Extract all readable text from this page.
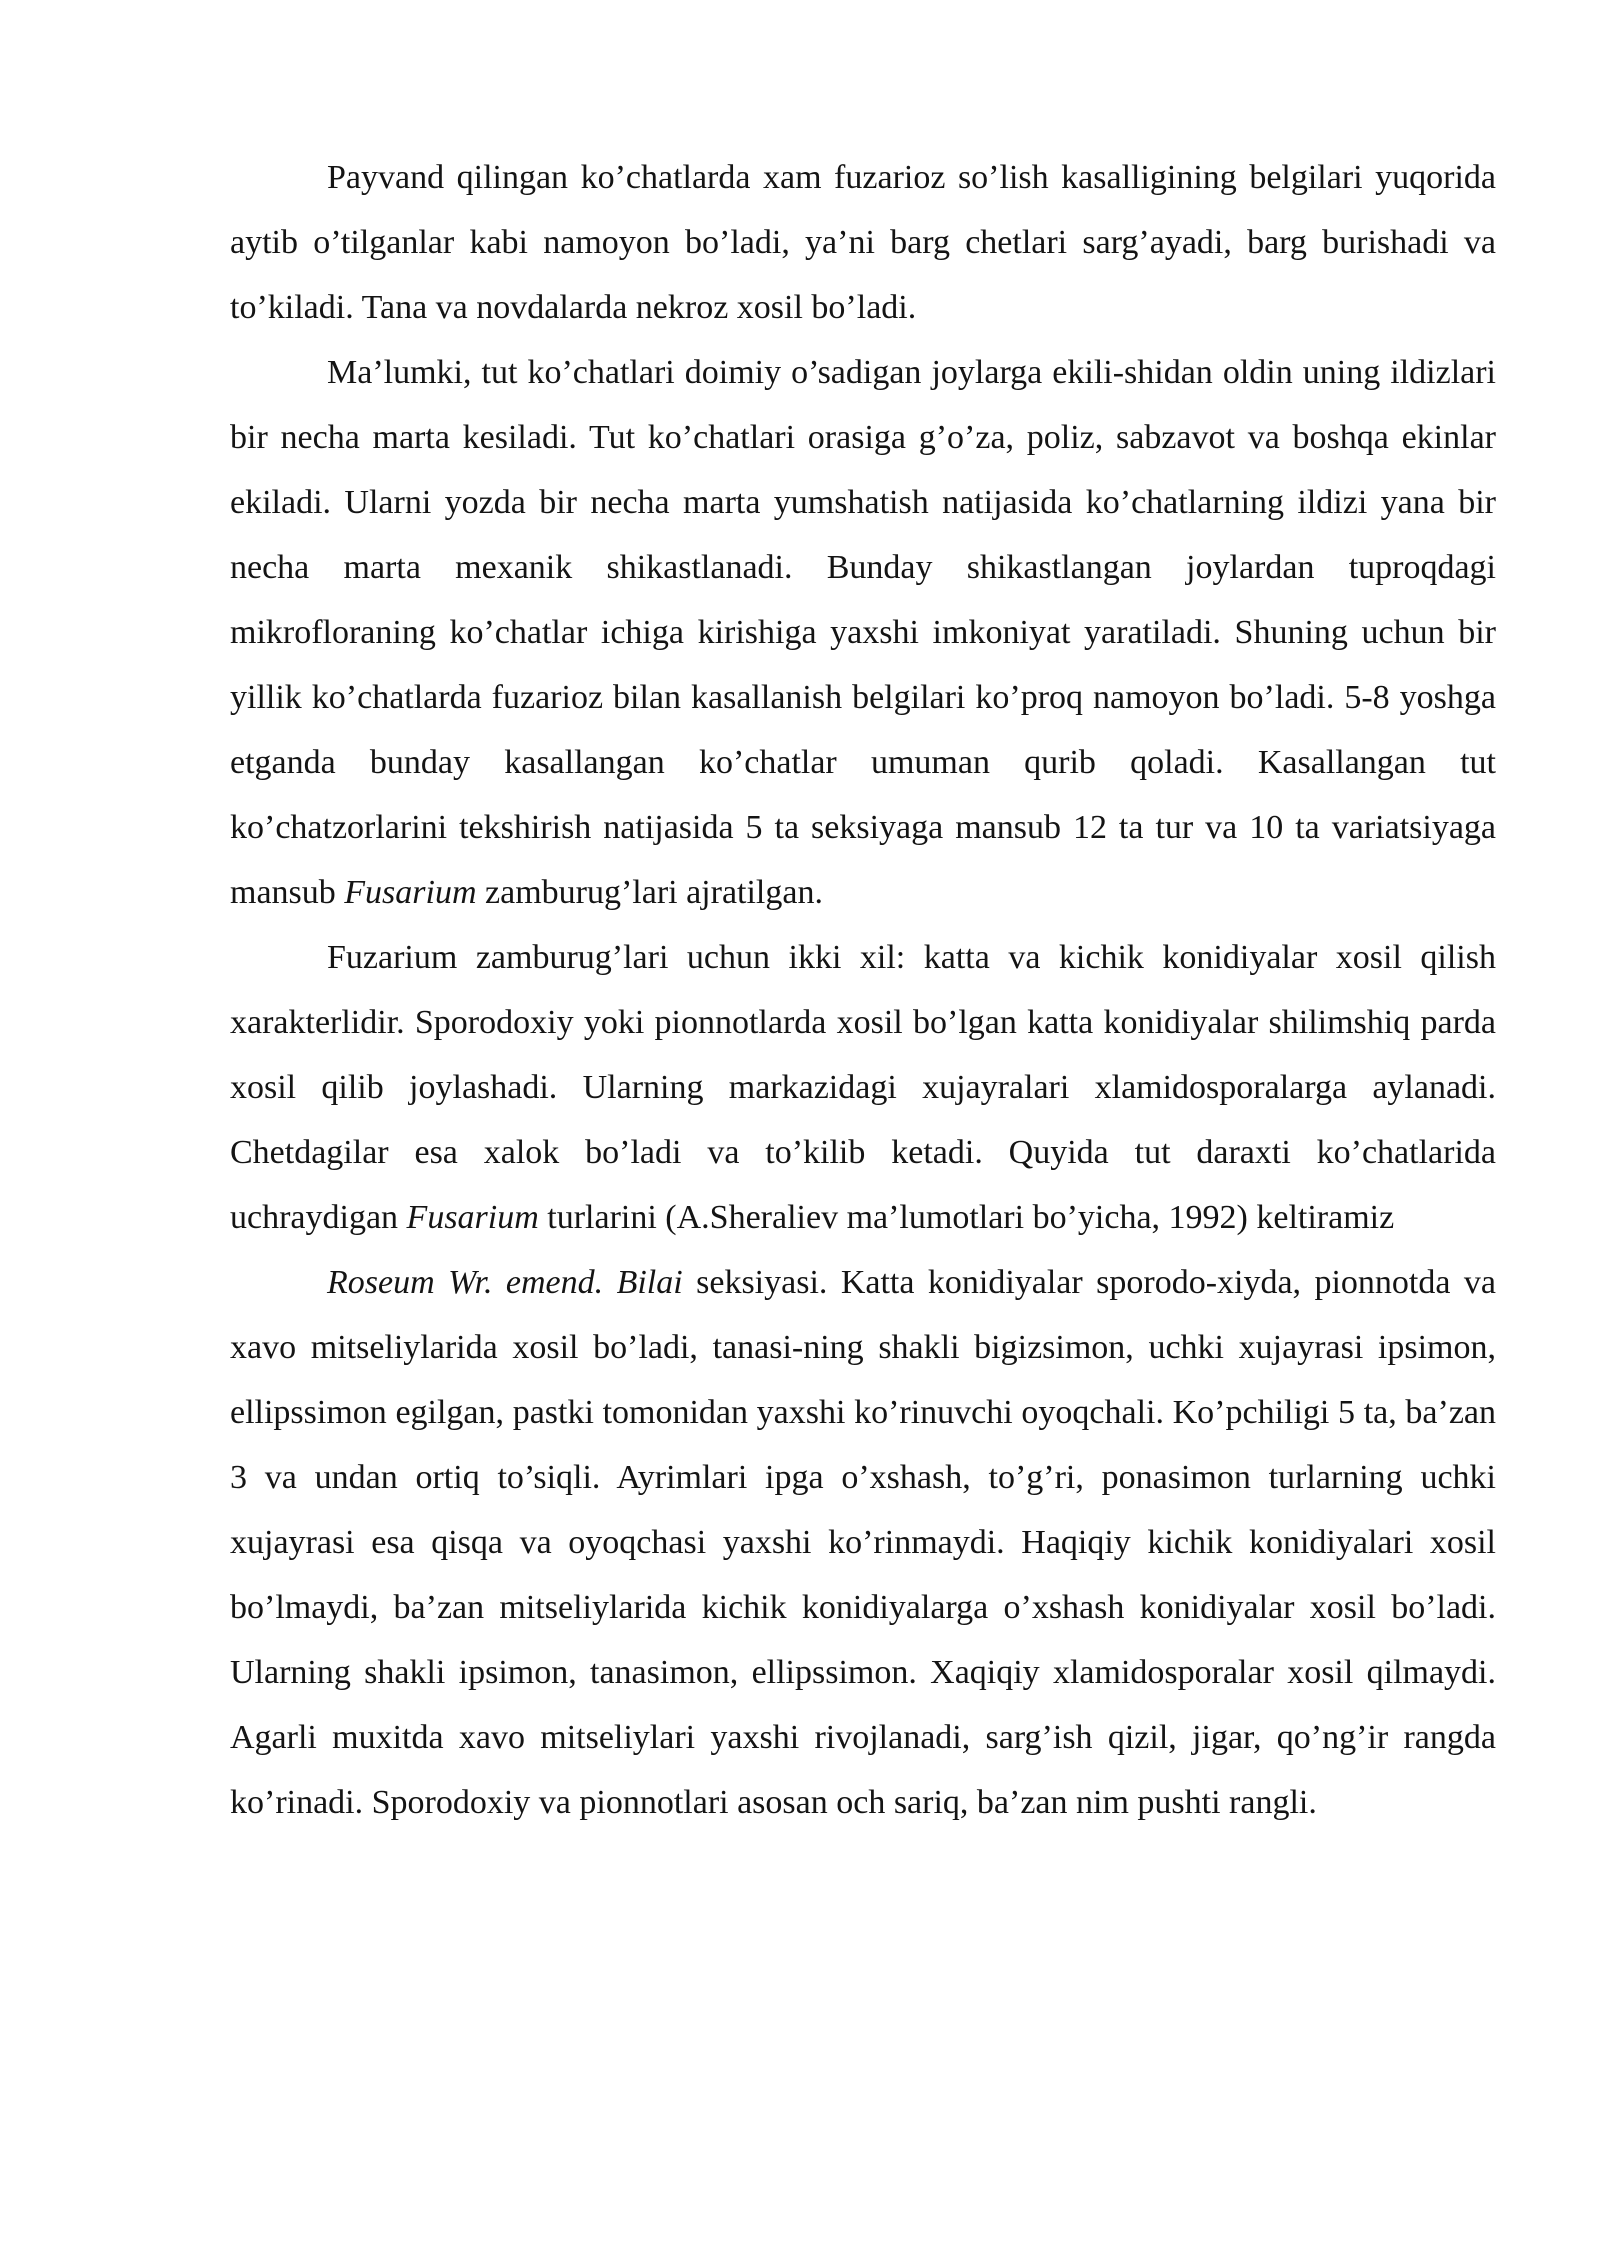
Payvand qilingan ko’chatlarda xam fuzarioz so’lish kasalligining belgilari yuqorida aytib o’tilganlar kabi namoyon bo’ladi, ya’ni barg chetlari sarg’ayadi, barg burishadi va to’kiladi. Tana va novdalarda nekroz xosil bo’ladi.

Ma’lumki, tut ko’chatlari doimiy o’sadigan joylarga ekili-shidan oldin uning ildizlari bir necha marta kesiladi. Tut ko’chatlari orasiga g’o’za, poliz, sabzavot va boshqa ekinlar ekiladi. Ularni yozda bir necha marta yumshatish natijasida ko’chatlarning ildizi yana bir necha marta mexanik shikastlanadi. Bunday shikastlangan joylardan tuproqdagi mikrofloraning ko’chatlar ichiga kirishiga yaxshi imkoniyat yaratiladi. Shuning uchun bir yillik ko’chatlarda fuzarioz bilan kasallanish belgilari ko’proq namoyon bo’ladi. 5-8 yoshga etganda bunday kasallangan ko’chatlar umuman qurib qoladi. Kasallangan tut ko’chatzorlarini tekshirish natijasida 5 ta seksiyaga mansub 12 ta tur va 10 ta variatsiyaga mansub Fusarium zamburug’lari ajratilgan.

Fuzarium zamburug’lari uchun ikki xil: katta va kichik konidiyalar xosil qilish xarakterlidir. Sporodoxiy yoki pionnotlarda xosil bo’lgan katta konidiyalar shilimshiq parda xosil qilib joylashadi. Ularning markazidagi xujayralari xlamidosporalarga aylanadi. Chetdagilar esa xalok bo’ladi va to’kilib ketadi. Quyida tut daraxti ko’chatlarida uchraydigan Fusarium turlarini (A.Sheraliev ma’lumotlari bo’yicha, 1992) keltiramiz

Roseum Wr. emend. Bilai seksiyasi. Katta konidiyalar sporodo-xiyda, pionnotda va xavo mitseliylarida xosil bo’ladi, tanasi-ning shakli bigizsimon, uchki xujayrasi ipsimon, ellipssimon egilgan, pastki tomonidan yaxshi ko’rinuvchi oyoqchali. Ko’pchiligi 5 ta, ba’zan 3 va undan ortiq to’siqli. Ayrimlari ipga o’xshash, to’g’ri, ponasimon turlarning uchki xujayrasi esa qisqa va oyoqchasi yaxshi ko’rinmaydi. Haqiqiy kichik konidiyalari xosil bo’lmaydi, ba’zan mitseliylarida kichik konidiyalarga o’xshash konidiyalar xosil bo’ladi. Ularning shakli ipsimon, tanasimon, ellipssimon. Xaqiqiy xlamidosporalar xosil qilmaydi. Agarli muxitda xavo mitseliylari yaxshi rivojlanadi, sarg’ish qizil, jigar, qo’ng’ir rangda ko’rinadi. Sporodoxiy va pionnotlari asosan och sariq, ba’zan nim pushti rangli.
